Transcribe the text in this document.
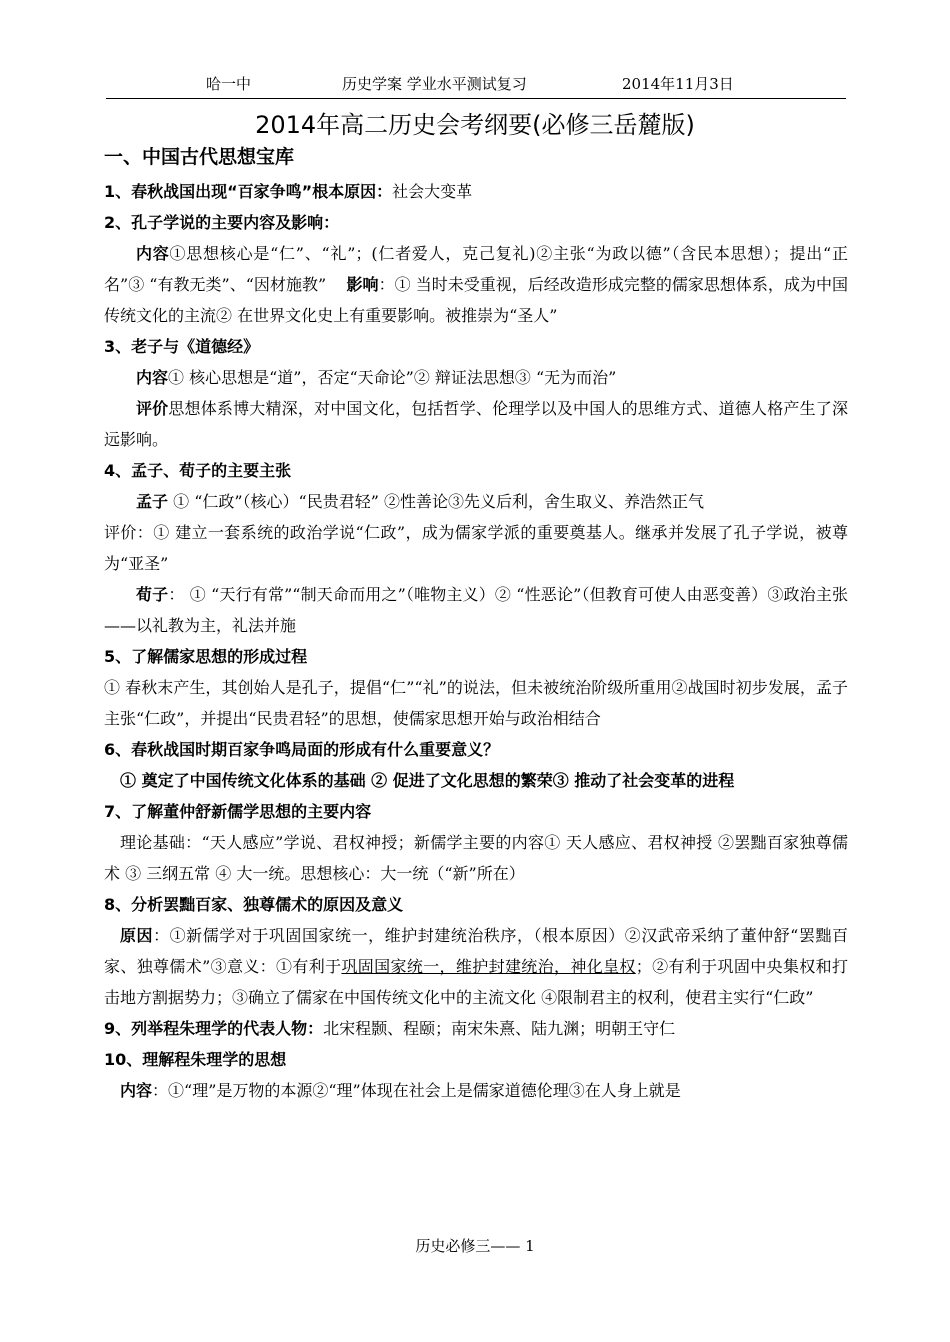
哈一中	历史学案 学业水平测试复习	2014年11月3日
2014年高二历史会考纲要(必修三岳麓版)

一、中国古代思想宝库

1、春秋战国出现“百家争鸣”根本原因：社会大变革

2、孔子学说的主要内容及影响：

内容①思想核心是“仁”、“礼”；(仁者爱人，克己复礼)②主张“为政以德”（含民本思想）；提出“正名”③ “有教无类”、“因材施教” 影响：① 当时未受重视，后经改造形成完整的儒家思想体系，成为中国传统文化的主流② 在世界文化史上有重要影响。被推崇为“圣人”

3、老子与《道德经》

内容① 核心思想是“道”，否定“天命论”② 辩证法思想③ “无为而治”

评价思想体系博大精深，对中国文化，包括哲学、伦理学以及中国人的思维方式、道德人格产生了深远影响。

4、孟子、荀子的主要主张

孟子 ① “仁政”（核心）“民贵君轻” ②性善论③先义后利，舍生取义、养浩然正气

评价：① 建立一套系统的政治学说“仁政”，成为儒家学派的重要奠基人。继承并发展了孔子学说，被尊为“亚圣”

荀子： ① “天行有常”“制天命而用之”（唯物主义）② “性恶论”（但教育可使人由恶变善）③政治主张——以礼教为主，礼法并施

5、了解儒家思想的形成过程

① 春秋末产生，其创始人是孔子，提倡“仁”“礼”的说法，但未被统治阶级所重用②战国时初步发展，孟子主张“仁政”，并提出“民贵君轻”的思想，使儒家思想开始与政治相结合

6、春秋战国时期百家争鸣局面的形成有什么重要意义？

① 奠定了中国传统文化体系的基础 ② 促进了文化思想的繁荣③ 推动了社会变革的进程

7、了解董仲舒新儒学思想的主要内容

理论基础：“天人感应”学说、君权神授；新儒学主要的内容① 天人感应、君权神授 ②罢黜百家独尊儒术 ③ 三纲五常 ④ 大一统。思想核心：大一统（“新”所在）

8、分析罢黜百家、独尊儒术的原因及意义

原因：①新儒学对于巩固国家统一，维护封建统治秩序，（根本原因）②汉武帝采纳了董仲舒“罢黜百家、独尊儒术”③意义：①有利于巩固国家统一，维护封建统治，神化皇权；②有利于巩固中央集权和打击地方割据势力；③确立了儒家在中国传统文化中的主流文化 ④限制君主的权利，使君主实行“仁政”

9、列举程朱理学的代表人物：北宋程颢、程颐；南宋朱熹、陆九渊；明朝王守仁

10、理解程朱理学的思想

内容：①“理”是万物的本源②“理”体现在社会上是儒家道德伦理③在人身上就是

历史必修三—— 1
